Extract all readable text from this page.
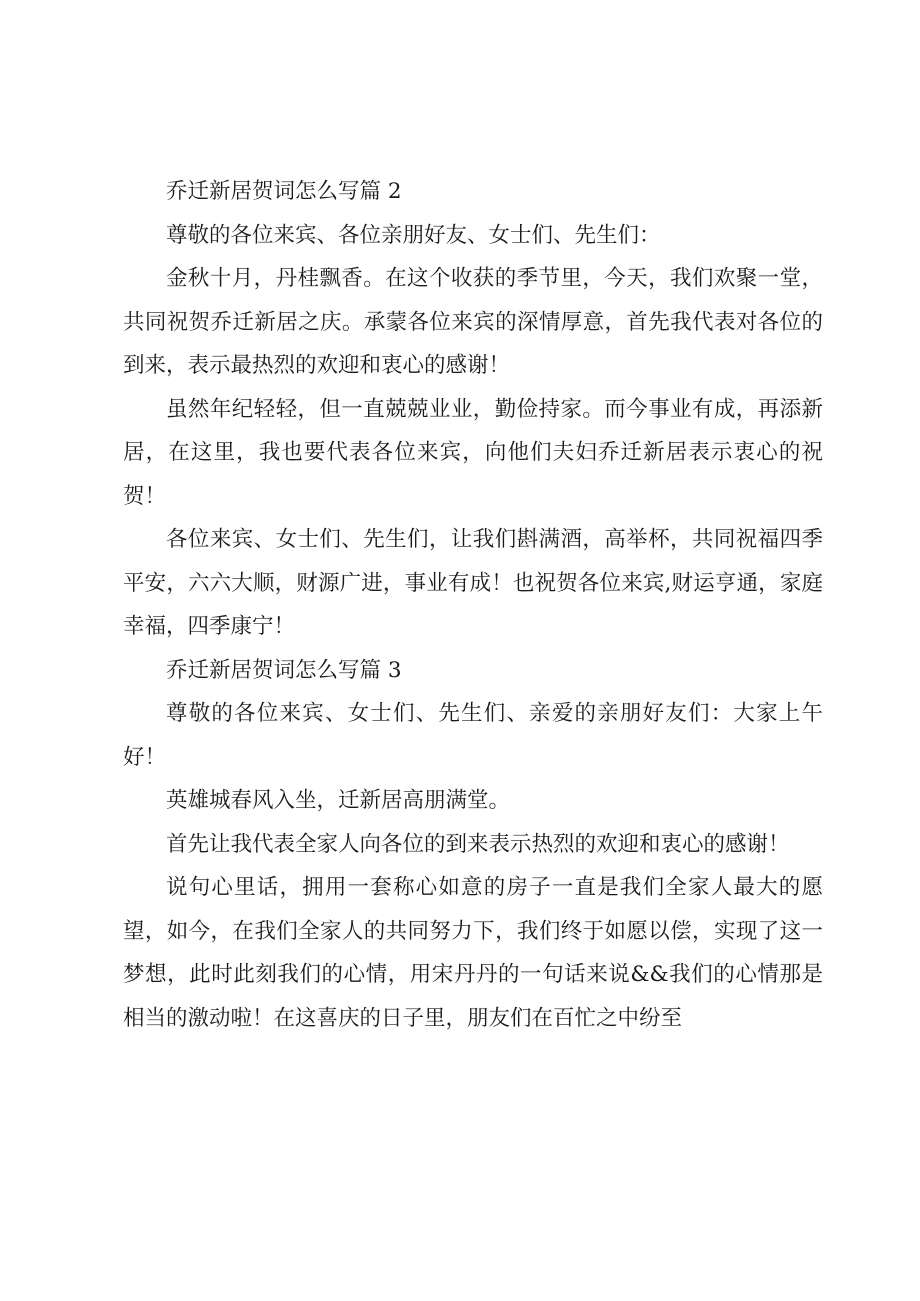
乔迁新居贺词怎么写篇 2

尊敬的各位来宾、各位亲朋好友、女士们、先生们：

金秋十月，丹桂飘香。在这个收获的季节里，今天，我们欢聚一堂，共同祝贺乔迁新居之庆。承蒙各位来宾的深情厚意，首先我代表对各位的到来，表示最热烈的欢迎和衷心的感谢！

虽然年纪轻轻，但一直兢兢业业，勤俭持家。而今事业有成，再添新居，在这里，我也要代表各位来宾，向他们夫妇乔迁新居表示衷心的祝贺！

各位来宾、女士们、先生们，让我们斟满酒，高举杯，共同祝福四季平安，六六大顺，财源广进，事业有成！也祝贺各位来宾,财运亨通，家庭幸福，四季康宁！

乔迁新居贺词怎么写篇 3

尊敬的各位来宾、女士们、先生们、亲爱的亲朋好友们：大家上午好！

英雄城春风入坐，迁新居高朋满堂。

首先让我代表全家人向各位的到来表示热烈的欢迎和衷心的感谢！

说句心里话，拥用一套称心如意的房子一直是我们全家人最大的愿望，如今，在我们全家人的共同努力下，我们终于如愿以偿，实现了这一梦想，此时此刻我们的心情，用宋丹丹的一句话来说&&我们的心情那是相当的激动啦！在这喜庆的日子里，朋友们在百忙之中纷至
